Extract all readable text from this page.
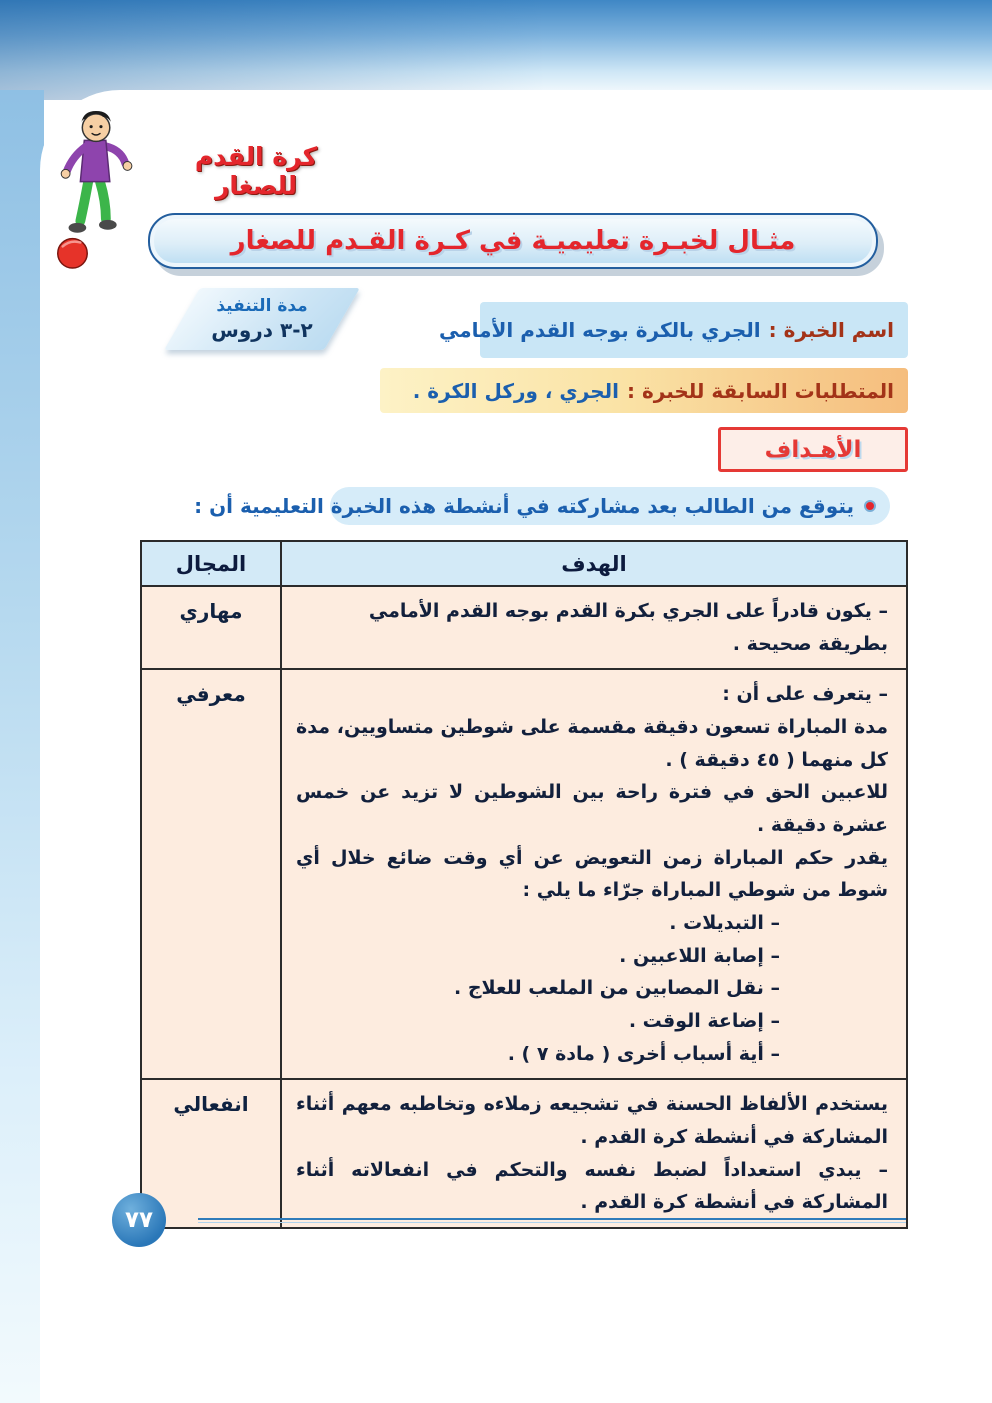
كرة القدم للصغار
مثـال لخبـرة تعليميـة في كـرة القـدم للصغار
مدة التنفيذ
٢-٣ دروس	اسم الخبرة :
الجري بالكرة بوجه القدم الأمامي
المتطلبات السابقة للخبرة :
الجري ، وركل الكرة .
الأهـداف
يتوقع من الطالب بعد مشاركته في أنشطة هذه الخبرة التعليمية أن :
المجال	الهدف
مهاري	– يكون قادراً على الجري بكرة القدم بوجه القدم الأمامي بطريقة صحيحة .

معرفي	– يتعرف على أن :
مدة المباراة تسعون دقيقة مقسمة على شوطين متساويين، مدة كل منهما ( ٤٥ دقيقة ) .
للاعبين الحق في فترة راحة بين الشوطين لا تزيد عن خمس عشرة دقيقة .
يقدر حكم المباراة زمن التعويض عن أي وقت ضائع خلال أي شوط من شوطي المباراة جرّاء ما يلي :
– التبديلات .
– إصابة اللاعبين .
– نقل المصابين من الملعب للعلاج .
– إضاعة الوقت .
– أية أسباب أخرى ( مادة ٧ ) .

انفعالي	يستخدم الألفاظ الحسنة في تشجيعه زملاءه وتخاطبه معهم أثناء المشاركة في أنشطة كرة القدم .
– يبدي استعداداً لضبط نفسه والتحكم في انفعالاته أثناء المشاركة في أنشطة كرة القدم .
٧٧
